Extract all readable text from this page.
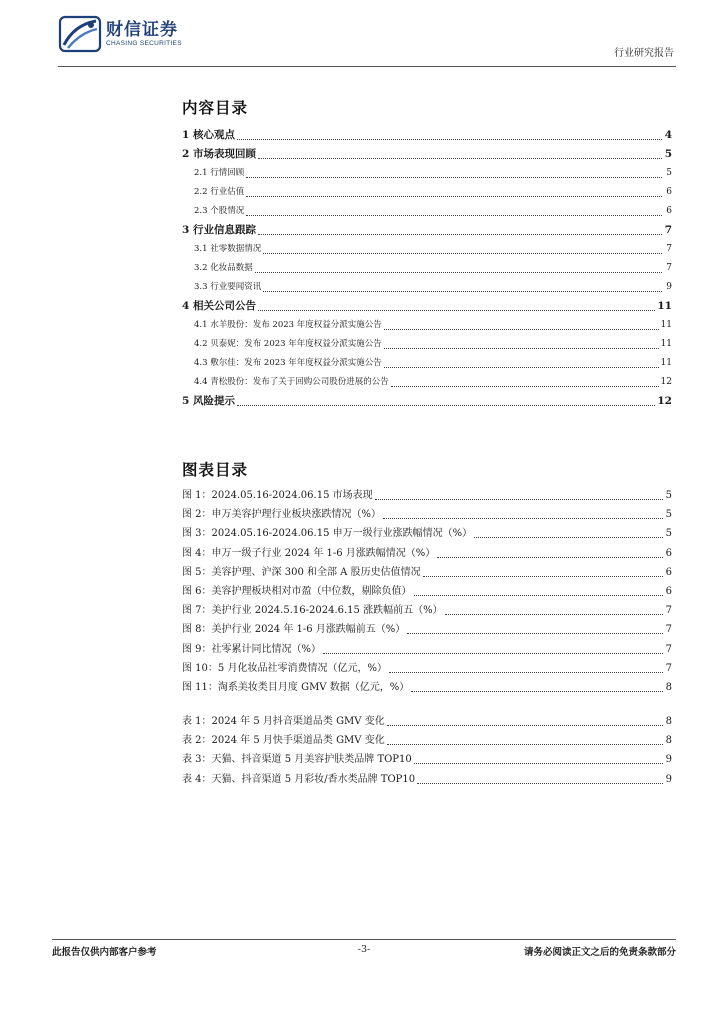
财信证券
CHASING SECURITIES
行业研究报告
内容目录
1 核心观点	4
2 市场表现回顾	5
2.1 行情回顾	5
2.2 行业估值	6
2.3 个股情况	6
3 行业信息跟踪	7
3.1 社零数据情况	7
3.2 化妆品数据	7
3.3 行业要闻资讯	9
4 相关公司公告	11
4.1 水羊股份：发布 2023 年度权益分派实施公告	11
4.2 贝泰妮：发布 2023 年年度权益分派实施公告	11
4.3 敷尔佳：发布 2023 年年度权益分派实施公告	11
4.4 青松股份：发布了关于回购公司股份进展的公告	12
5 风险提示	12
图表目录
图 1：2024.05.16-2024.06.15 市场表现	5
图 2：申万美容护理行业板块涨跌情况（%）	5
图 3：2024.05.16-2024.06.15 申万一级行业涨跌幅情况（%）	5
图 4：申万一级子行业 2024 年 1-6 月涨跌幅情况（%）	6
图 5：美容护理、沪深 300 和全部 A 股历史估值情况	6
图 6：美容护理板块相对市盈（中位数，剔除负值）	6
图 7：美护行业 2024.5.16-2024.6.15 涨跌幅前五（%）	7
图 8：美护行业 2024 年 1-6 月涨跌幅前五（%）	7
图 9：社零累计同比情况（%）	7
图 10：5 月化妆品社零消费情况（亿元，%）	7
图 11：淘系美妆类目月度 GMV 数据（亿元，%）	8
表 1：2024 年 5 月抖音渠道品类 GMV 变化	8
表 2：2024 年 5 月快手渠道品类 GMV 变化	8
表 3：天猫、抖音渠道 5 月美容护肤类品牌 TOP10	9
表 4：天猫、抖音渠道 5 月彩妆/香水类品牌 TOP10	9
此报告仅供内部客户参考	-3-	请务必阅读正文之后的免责条款部分
